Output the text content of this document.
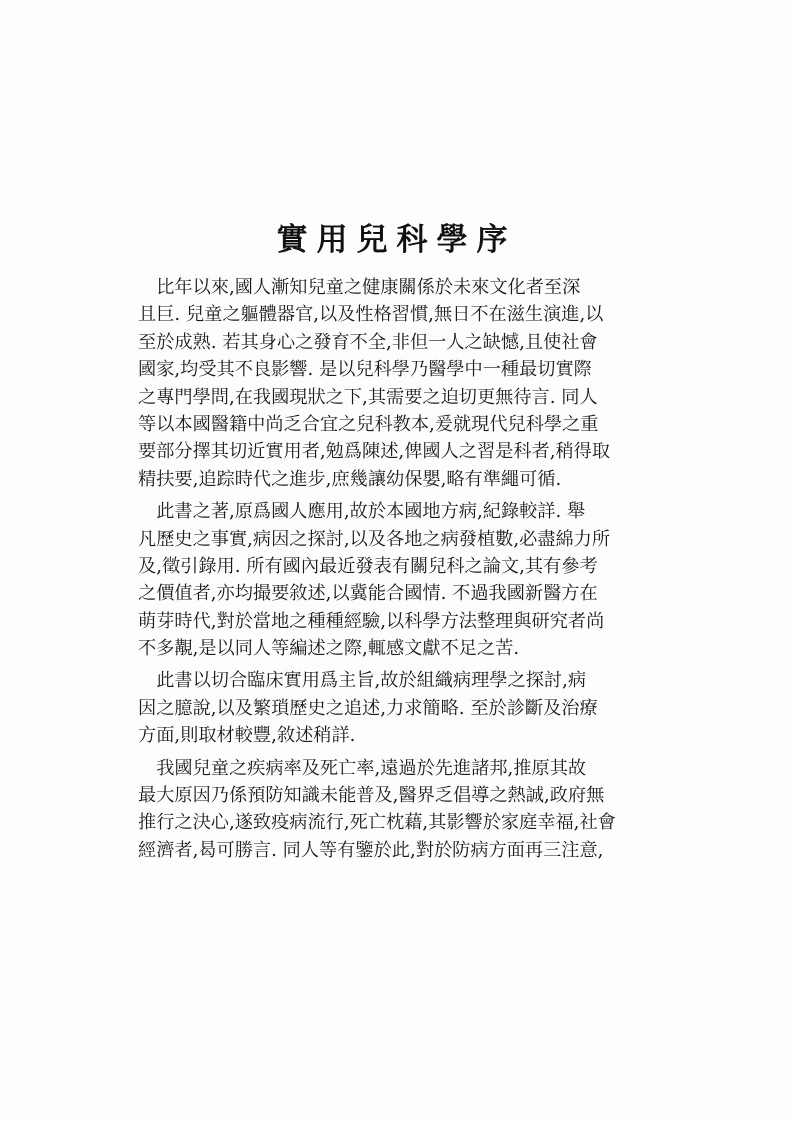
實用兒科學序
　比年以來,國人漸知兒童之健康關係於未來文化者至深
且巨. 兒童之軀體器官,以及性格習慣,無日不在滋生演進,以
至於成熟. 若其身心之發育不全,非但一人之缺憾,且使社會
國家,均受其不良影響. 是以兒科學乃醫學中一種最切實際
之專門學問,在我國現狀之下,其需要之迫切更無待言. 同人
等以本國醫籍中尚乏合宜之兒科教本,爰就現代兒科學之重
要部分擇其切近實用者,勉爲陳述,俾國人之習是科者,稍得取
精扶要,追踪時代之進步,庶幾讓幼保嬰,略有準繩可循.
　此書之著,原爲國人應用,故於本國地方病,紀錄較詳. 舉
凡歷史之事實,病因之探討,以及各地之病發植數,必盡綿力所
及,徵引錄用. 所有國內最近發表有關兒科之論文,其有參考
之價值者,亦均撮要敘述,以冀能合國情. 不過我國新醫方在
萌芽時代,對於當地之種種經驗,以科學方法整理與研究者尚
不多覯,是以同人等編述之際,輒感文獻不足之苦.
　此書以切合臨床實用爲主旨,故於組織病理學之探討,病
因之臆說,以及繁瑣歷史之追述,力求簡略. 至於診斷及治療
方面,則取材較豐,敘述稍詳.
　我國兒童之疾病率及死亡率,遠過於先進諸邦,推原其故
最大原因乃係預防知識未能普及,醫界乏倡導之熱誠,政府無
推行之決心,遂致疫病流行,死亡枕藉,其影響於家庭幸福,社會
經濟者,曷可勝言. 同人等有鑒於此,對於防病方面再三注意,
